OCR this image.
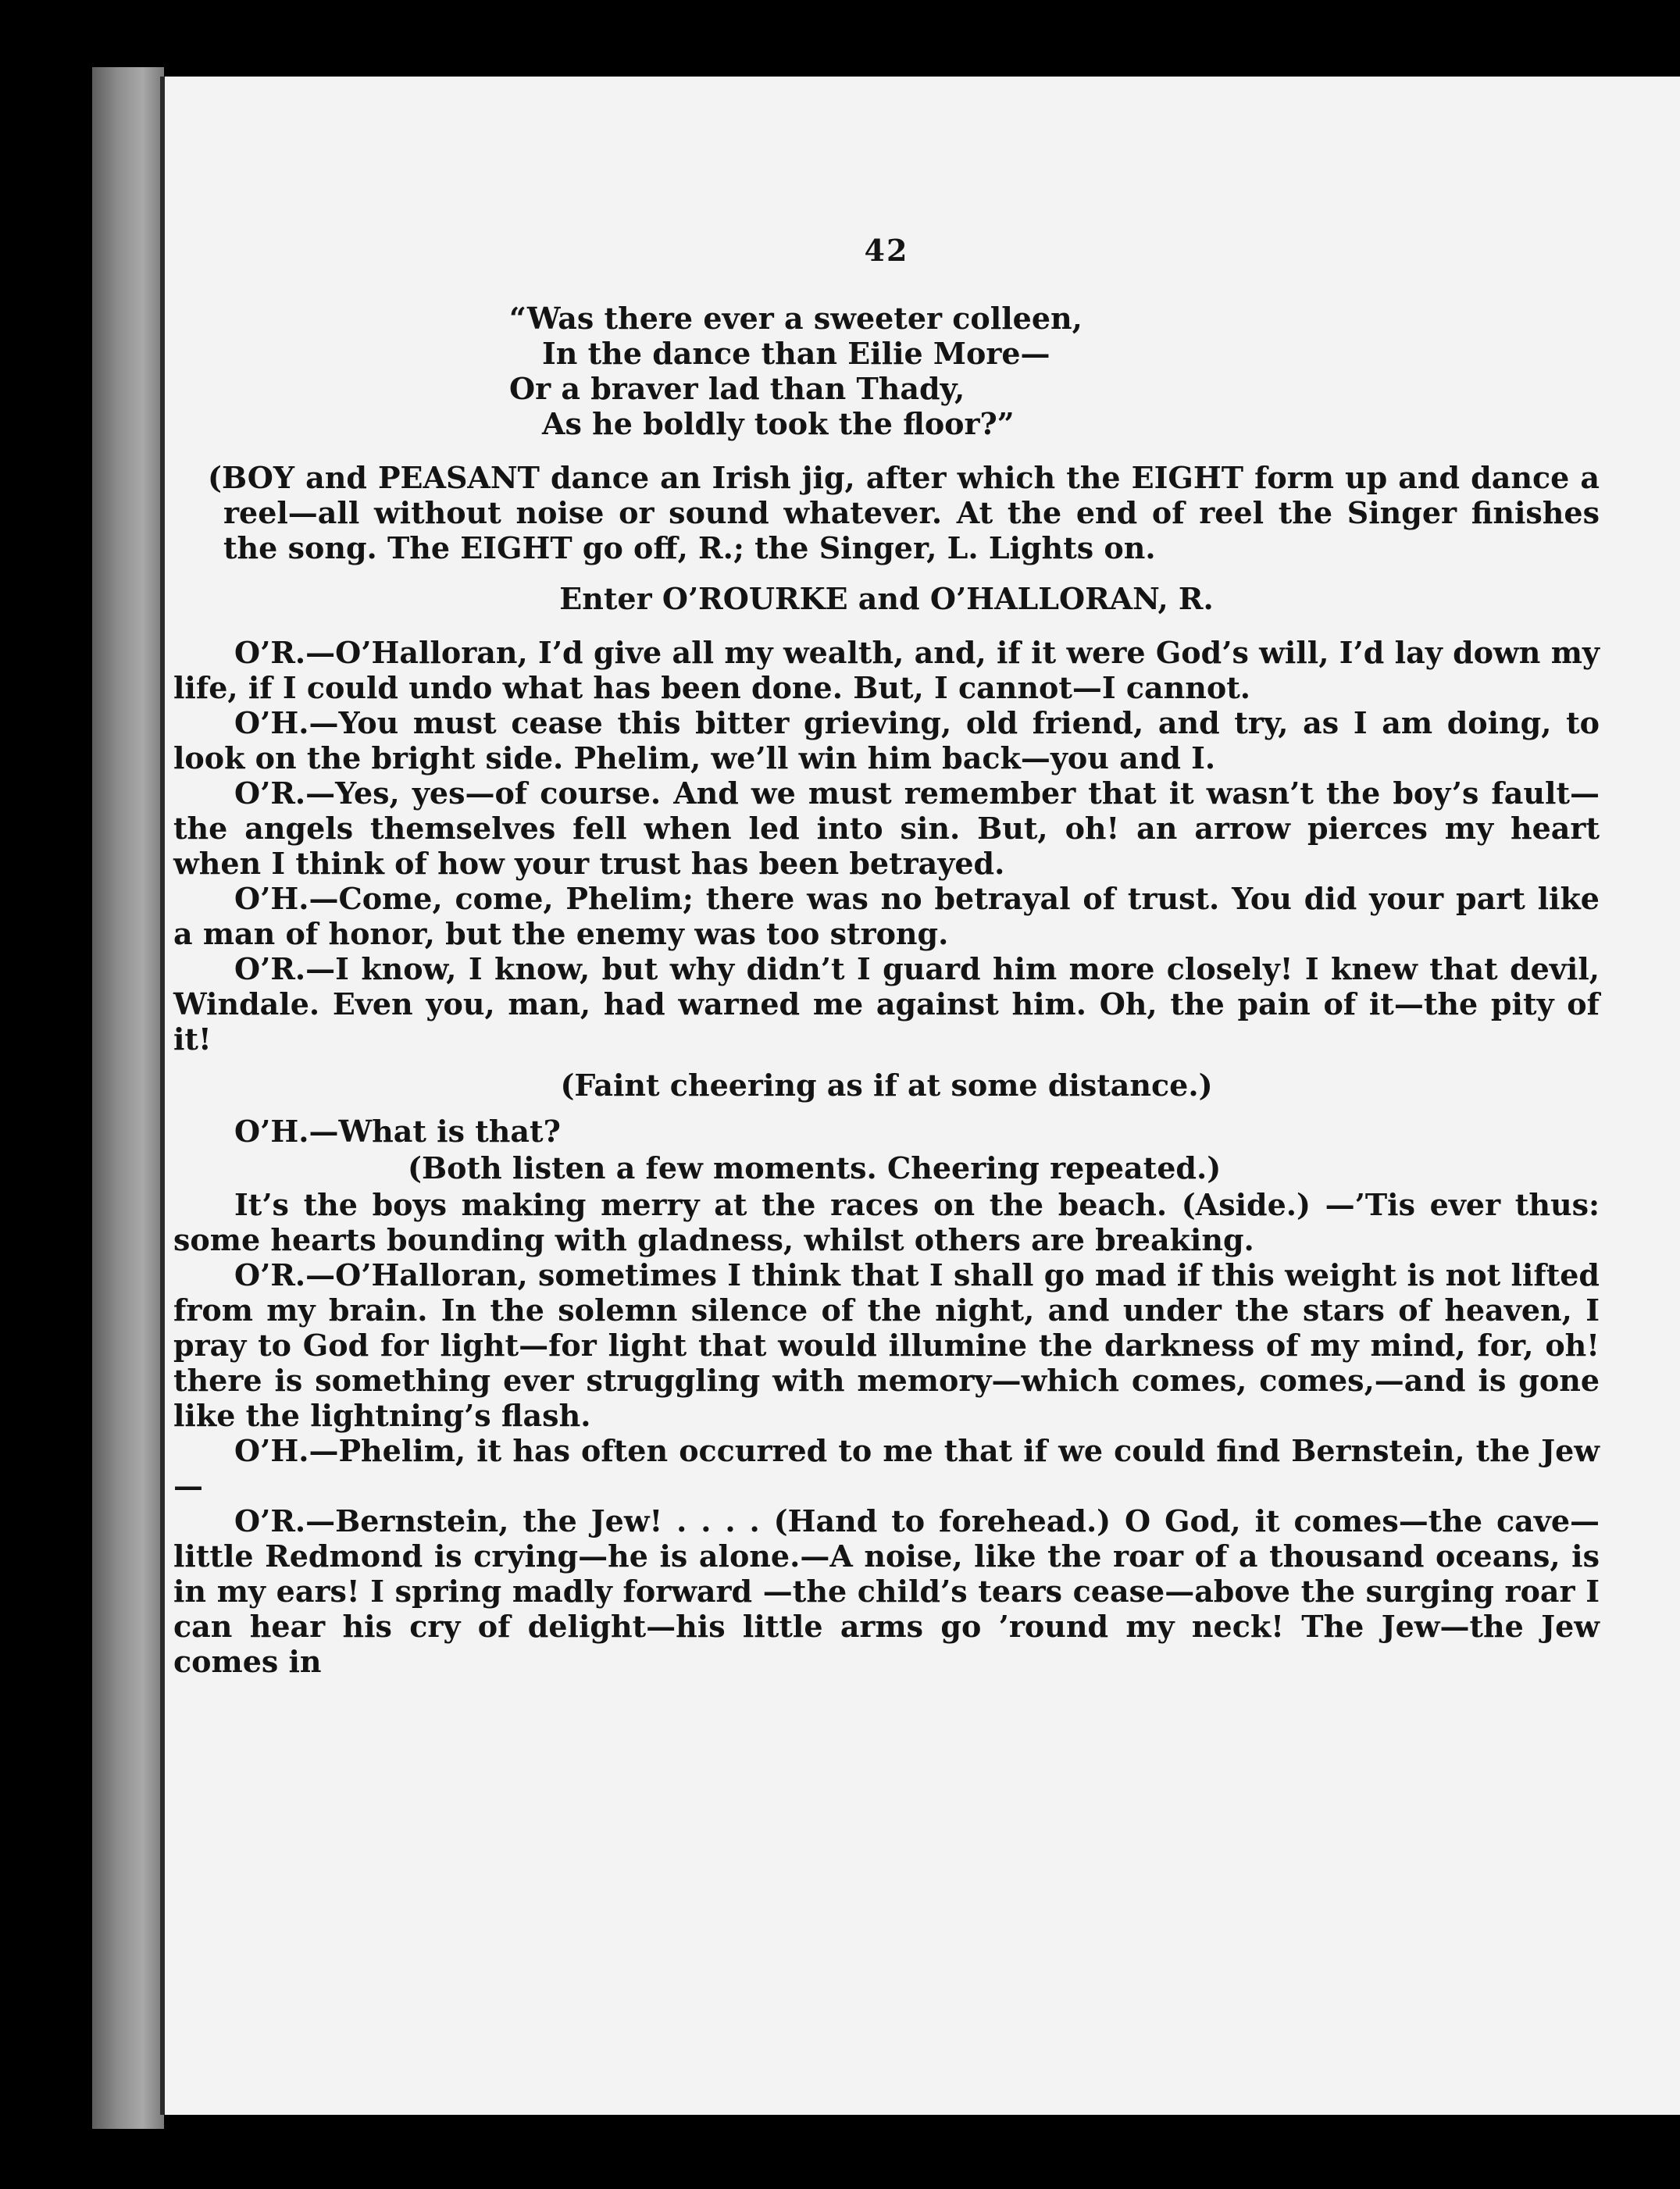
42
“Was there ever a sweeter colleen,
In the dance than Eilie More—
Or a braver lad than Thady,
As he boldly took the floor?”
(BOY and PEASANT dance an Irish jig, after which the EIGHT form up and dance a reel—all without noise or sound whatever. At the end of reel the Singer finishes the song. The EIGHT go off, R.; the Singer, L. Lights on.
Enter O’ROURKE and O’HALLORAN, R.
O’R.—O’Halloran, I’d give all my wealth, and, if it were God’s will, I’d lay down my life, if I could undo what has been done. But, I cannot—I cannot.
O’H.—You must cease this bitter grieving, old friend, and try, as I am doing, to look on the bright side. Phelim, we’ll win him back—you and I.
O’R.—Yes, yes—of course. And we must remember that it wasn’t the boy’s fault—the angels themselves fell when led into sin. But, oh! an arrow pierces my heart when I think of how your trust has been betrayed.
O’H.—Come, come, Phelim; there was no betrayal of trust. You did your part like a man of honor, but the enemy was too strong.
O’R.—I know, I know, but why didn’t I guard him more closely! I knew that devil, Windale. Even you, man, had warned me against him. Oh, the pain of it—the pity of it!
(Faint cheering as if at some distance.)
O’H.—What is that?
(Both listen a few moments. Cheering repeated.)
It’s the boys making merry at the races on the beach. (Aside.) —’Tis ever thus: some hearts bounding with gladness, whilst others are breaking.
O’R.—O’Halloran, sometimes I think that I shall go mad if this weight is not lifted from my brain. In the solemn silence of the night, and under the stars of heaven, I pray to God for light—for light that would illumine the darkness of my mind, for, oh! there is something ever struggling with memory—which comes, comes,—and is gone like the lightning’s flash.
O’H.—Phelim, it has often occurred to me that if we could find Bernstein, the Jew—
O’R.—Bernstein, the Jew! . . . . (Hand to forehead.) O God, it comes—the cave—little Redmond is crying—he is alone.—A noise, like the roar of a thousand oceans, is in my ears! I spring madly forward —the child’s tears cease—above the surging roar I can hear his cry of delight—his little arms go ’round my neck! The Jew—the Jew comes in
